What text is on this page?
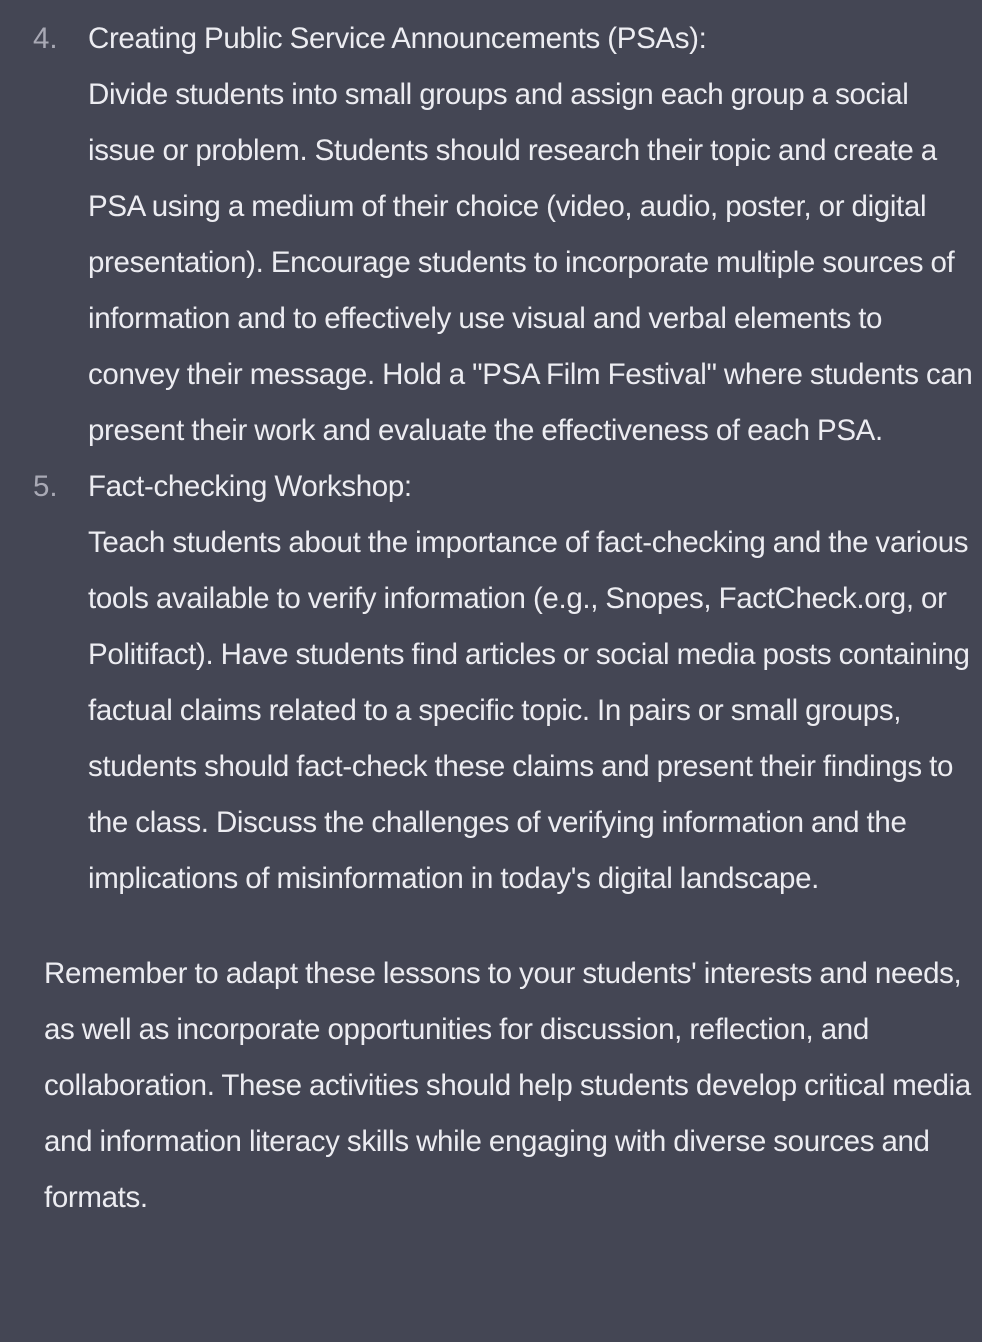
4. Creating Public Service Announcements (PSAs):
Divide students into small groups and assign each group a social issue or problem. Students should research their topic and create a PSA using a medium of their choice (video, audio, poster, or digital presentation). Encourage students to incorporate multiple sources of information and to effectively use visual and verbal elements to convey their message. Hold a "PSA Film Festival" where students can present their work and evaluate the effectiveness of each PSA.
5. Fact-checking Workshop:
Teach students about the importance of fact-checking and the various tools available to verify information (e.g., Snopes, FactCheck.org, or Politifact). Have students find articles or social media posts containing factual claims related to a specific topic. In pairs or small groups, students should fact-check these claims and present their findings to the class. Discuss the challenges of verifying information and the implications of misinformation in today's digital landscape.

Remember to adapt these lessons to your students' interests and needs, as well as incorporate opportunities for discussion, reflection, and collaboration. These activities should help students develop critical media and information literacy skills while engaging with diverse sources and formats.
